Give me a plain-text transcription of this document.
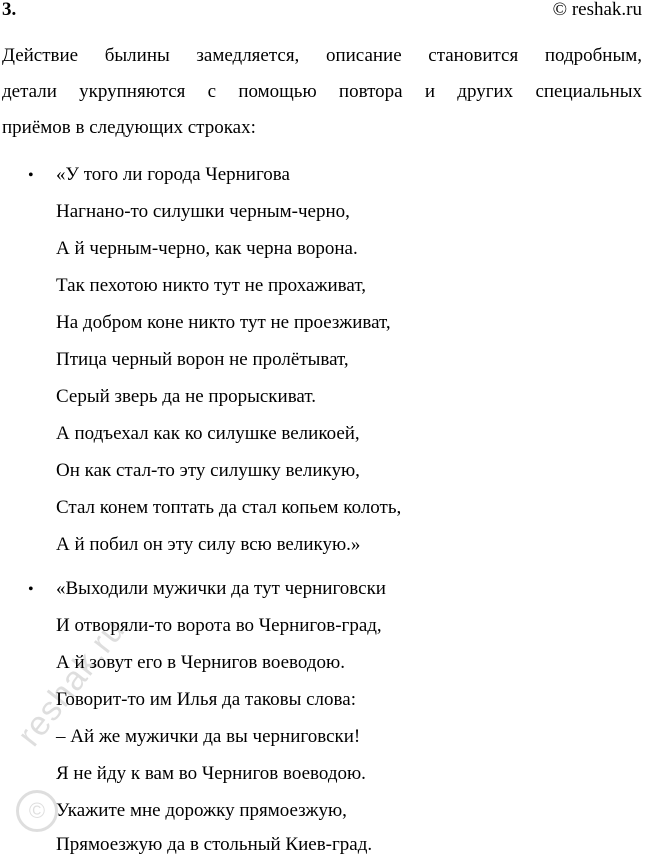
3.	© reshak.ru
Действие былины замедляется, описание становится подробным,
детали укрупняются с помощью повтора и других специальных
приёмов в следующих строках:
• «У того ли города Чернигова
Нагнано-то силушки черным-черно,
А й черным-черно, как черна ворона.
Так пехотою никто тут не прохаживат,
На добром коне никто тут не проезживат,
Птица черный ворон не пролётыват,
Серый зверь да не прорыскиват.
А подъехал как ко силушке великоей,
Он как стал-то эту силушку великую,
Стал конем топтать да стал копьем колоть,
А й побил он эту силу всю великую.»
• «Выходили мужички да тут черниговски
И отворяли-то ворота во Чернигов-град,
А й зовут его в Чернигов воеводою.
Говорит-то им Илья да таковы слова:
– Ай же мужички да вы черниговски!
Я не йду к вам во Чернигов воеводою.
Укажите мне дорожку прямоезжую,
Прямоезжую да в стольный Киев-град.
reshak.ru
©
